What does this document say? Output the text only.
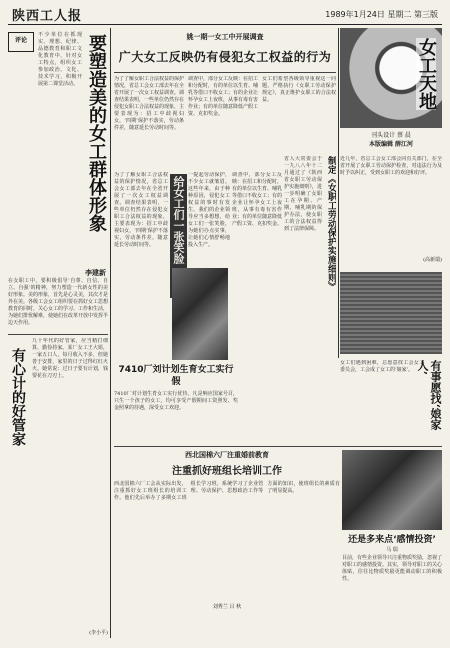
陕西工人报	1989年1月24日 星期二 第三版
要塑造美的女工群体形象
李建新
不少单位在抓现实、理想、纪律、品德教育和职工文化教育中，针对女工特点，组织女工参加政治、文化、技术学习，积极开展第二课堂活动。
在女职工中，要积极倡导‘自尊、自信、自立、自强’的精神，努力塑造一代新女性的美好形象。美的形象，首先是心灵美，其次才是外在美。各级工会女工组织要在抓好女工思想教育的同时，关心女工的学习、工作和生活，为她们排忧解难，使她们在改革开放中发挥半边天作用。
评论	姚一期一女工中开展调查
广大女工反映仍有侵犯女工权益的行为
为了了解女职工合法权益的保护情况，省总工会女工部去年在全省开展了一次女工权益调查。调查结果表明，一些单位仍然存在侵犯女职工合法权益的现象，主要表现为：招工中歧视妇女，‘四期’保护不落实，劳动条件差，随意延长劳动时间等。
调查中，部分女工反映：在招工和分配时，有的单位以生育、哺乳等借口不收女工；有的企业让怀孕女工上夜班，从事有毒有害作业；有的单位随意降低产假工资、克扣奖金。
女工们希望各级领导重视这一问题，严格执行《女职工劳动保护规定》，真正维护女职工的合法权益。	女工天地
刊头设计 蔡 晨
本版编辑 薛江河
给女工们一张笑脸
一提起劳动保护，不少女工就皱眉。这些年来，由于种种原因，侵犯女工权益的事时有发生。我们的企业领导应当多想想，给女工们一张笑脸，为她们办点实事，让她们心情舒畅地投入生产。
为了了解女职工合法权益的保护情况，省总工会女工部去年在全省开展了一次女工权益调查。调查结果表明，一些单位仍然存在侵犯女职工合法权益的现象，主要表现为：招工中歧视妇女，‘四期’保护不落实，劳动条件差，随意延长劳动时间等。
调查中，部分女工反映：在招工和分配时，有的单位以生育、哺乳等借口不收女工；有的企业让怀孕女工上夜班，从事有毒有害作业；有的单位随意降低产假工资、克扣奖金。	制定《女职工劳动保护实施细则》
省人大常委会于一九八八年十二月通过了《陕西省女职工劳动保护实施细则》，进一步明确了女职工在孕期、产期、哺乳期的保护办法，使女职工的合法权益得到了法律保障。
近几年，省总工会女工部会同有关部门，在全省开展了女职工劳动保护检查，对违法行为及时予以纠正，受到女职工的欢迎和好评。
(高新瑞)
7410厂刘计划生育女工实行假
7410厂对计划生育女工实行优待。凡是响应国家号召，只生一个孩子的女工，均可享受产假期间工资照发、奖金照拿的待遇，深受女工欢迎。	有事愿找‘娘家人’
女工们遇到困难，总愿意找工会女工委员会，工会成了女工的‘娘家’。
西北国棉六厂注重婚前教育
注重抓好班组长培训工作
西北国棉六厂工会从实际出发，注重抓好女工班组长的培训工作。他们先后举办了多期女工班组长学习班，系统学习了企业管理、劳动保护、思想政治工作等方面的知识，使班组长的素质有了明显提高。
刘秀兰 吕 秋
还是多来点‘感情投资’
马 瑞
目前，有些企业领导只注重物质奖励，忽视了对职工的感情投资。其实，领导对职工的关心体贴，往往比物质奖励更能调动职工的积极性。
有心计的好管家
九十年代的好管家，应当精打细算，勤俭持家。某厂女工王大姐，一家五口人，每月收入不多，但她善于安排，家里的日子过得红红火火。她常说：过日子要有计划，钱要花在刀刃上。
(李小平)
